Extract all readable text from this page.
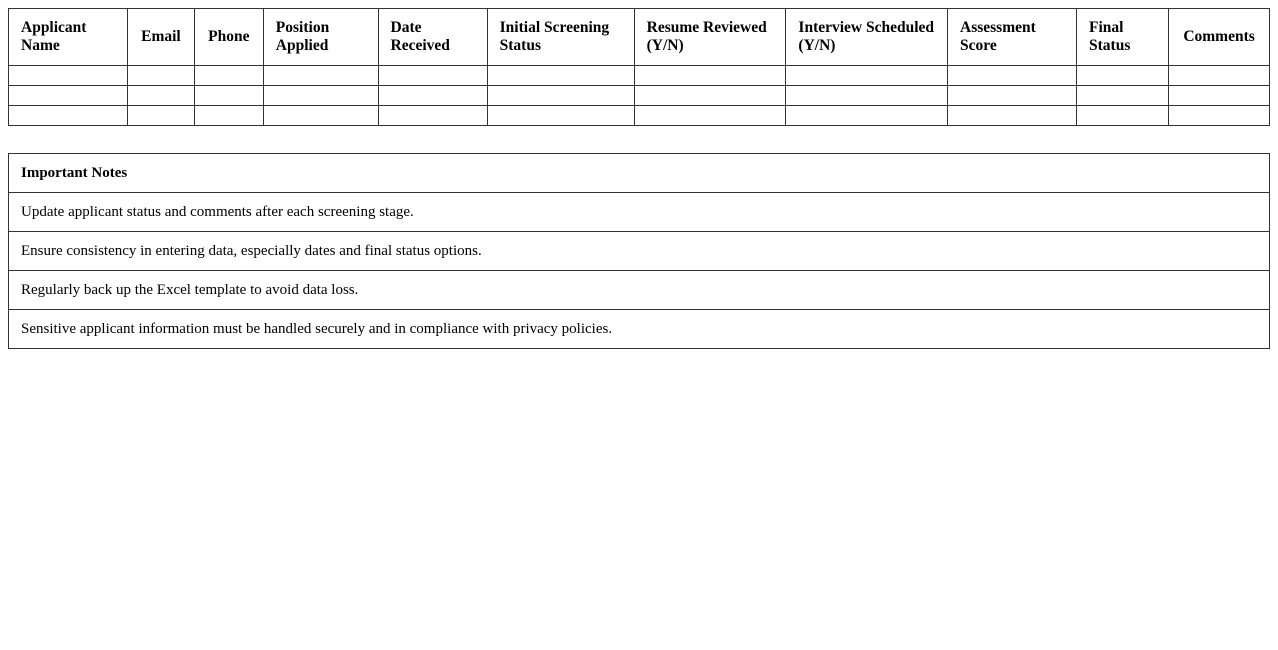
Applicant Name	Email	Phone	Position Applied	Date Received	Initial Screening Status	Resume Reviewed (Y/N)	Interview Scheduled (Y/N)	Assessment Score	Final Status	Comments

Important Notes
Update applicant status and comments after each screening stage.
Ensure consistency in entering data, especially dates and final status options.
Regularly back up the Excel template to avoid data loss.
Sensitive applicant information must be handled securely and in compliance with privacy policies.
